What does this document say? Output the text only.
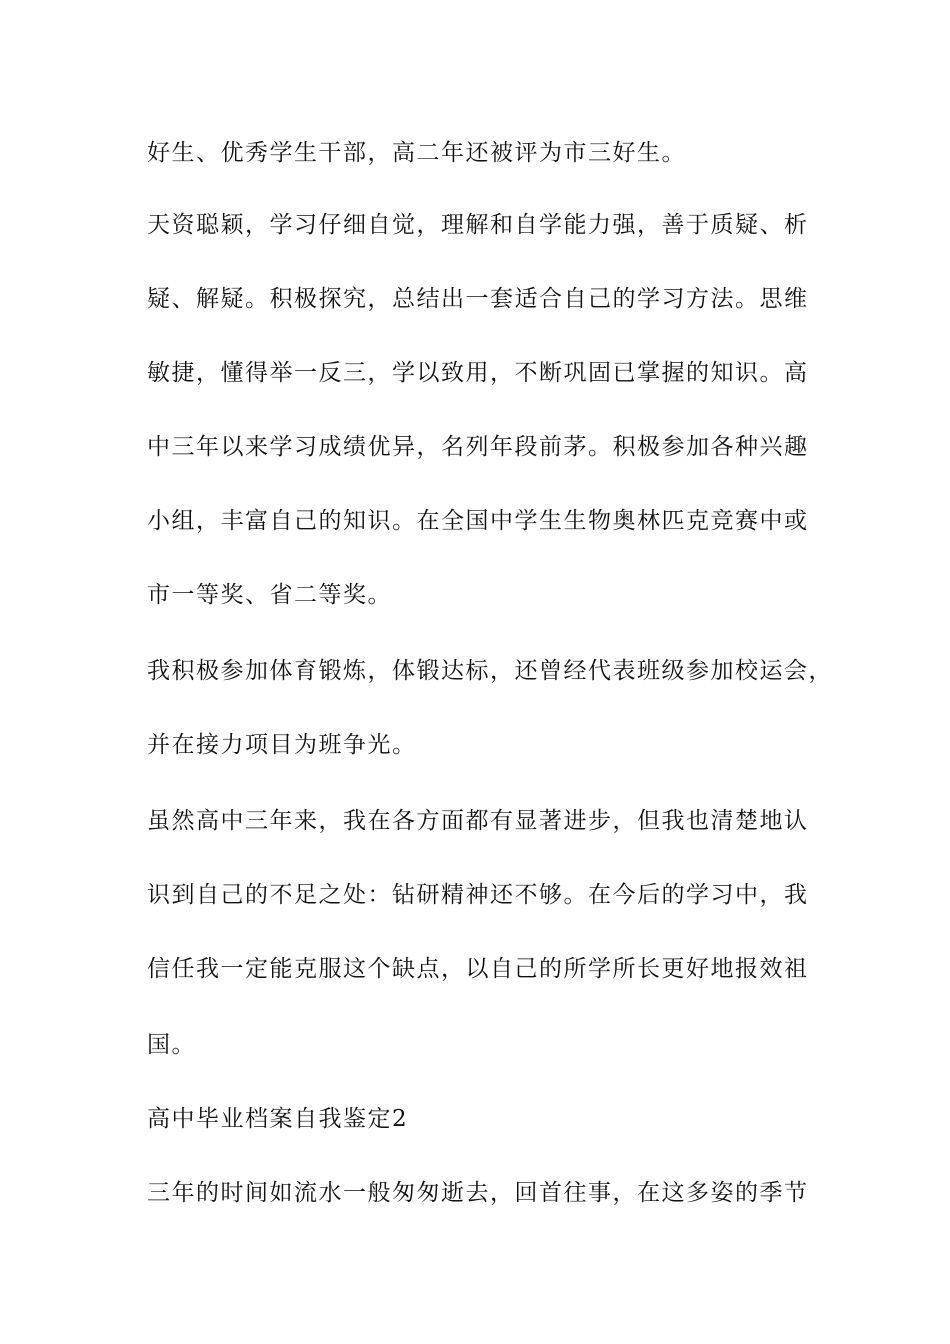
好生、优秀学生干部，高二年还被评为市三好生。
天资聪颖，学习仔细自觉，理解和自学能力强，善于质疑、析
疑、解疑。积极探究，总结出一套适合自己的学习方法。思维
敏捷，懂得举一反三，学以致用，不断巩固已掌握的知识。高
中三年以来学习成绩优异，名列年段前茅。积极参加各种兴趣
小组，丰富自己的知识。在全国中学生生物奥林匹克竞赛中或
市一等奖、省二等奖。
我积极参加体育锻炼，体锻达标，还曾经代表班级参加校运会，
并在接力项目为班争光。
虽然高中三年来，我在各方面都有显著进步，但我也清楚地认
识到自己的不足之处：钻研精神还不够。在今后的学习中，我
信任我一定能克服这个缺点，以自己的所学所长更好地报效祖
国。
高中毕业档案自我鉴定2
三年的时间如流水一般匆匆逝去，回首往事，在这多姿的季节
